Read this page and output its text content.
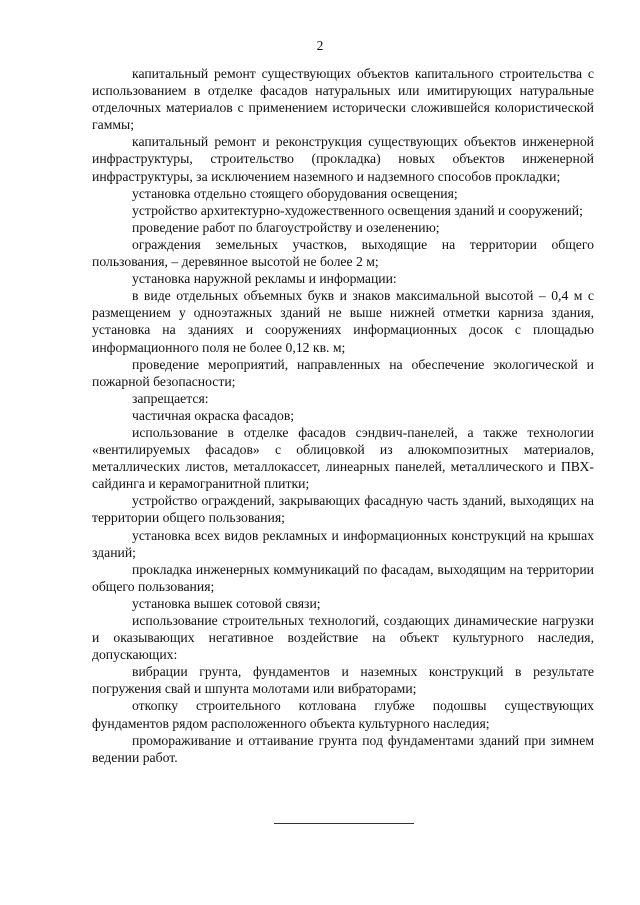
2

капитальный ремонт существующих объектов капитального строительства с использованием в отделке фасадов натуральных или имитирующих натуральные отделочных материалов с применением исторически сложившейся колористической гаммы;

капитальный ремонт и реконструкция существующих объектов инженерной инфраструктуры, строительство (прокладка) новых объектов инженерной инфраструктуры, за исключением наземного и надземного способов прокладки;

установка отдельно стоящего оборудования освещения;

устройство архитектурно-художественного освещения зданий и сооружений;

проведение работ по благоустройству и озеленению;

ограждения земельных участков, выходящие на территории общего пользования, – деревянное высотой не более 2 м;

установка наружной рекламы и информации:

в виде отдельных объемных букв и знаков максимальной высотой – 0,4 м с размещением у одноэтажных зданий не выше нижней отметки карниза здания, установка на зданиях и сооружениях информационных досок с площадью информационного поля не более 0,12 кв. м;

проведение мероприятий, направленных на обеспечение экологической и пожарной безопасности;

запрещается:

частичная окраска фасадов;

использование в отделке фасадов сэндвич-панелей, а также технологии «вентилируемых фасадов» с облицовкой из алюкомпозитных материалов, металлических листов, металлокассет, линеарных панелей, металлического и ПВХ-сайдинга и керамогранитной плитки;

устройство ограждений, закрывающих фасадную часть зданий, выходящих на территории общего пользования;

установка всех видов рекламных и информационных конструкций на крышах зданий;

прокладка инженерных коммуникаций по фасадам, выходящим на территории общего пользования;

установка вышек сотовой связи;

использование строительных технологий, создающих динамические нагрузки и оказывающих негативное воздействие на объект культурного наследия, допускающих:

вибрации грунта, фундаментов и наземных конструкций в результате погружения свай и шпунта молотами или вибраторами;

откопку строительного котлована глубже подошвы существующих фундаментов рядом расположенного объекта культурного наследия;

промораживание и оттаивание грунта под фундаментами зданий при зимнем ведении работ.
